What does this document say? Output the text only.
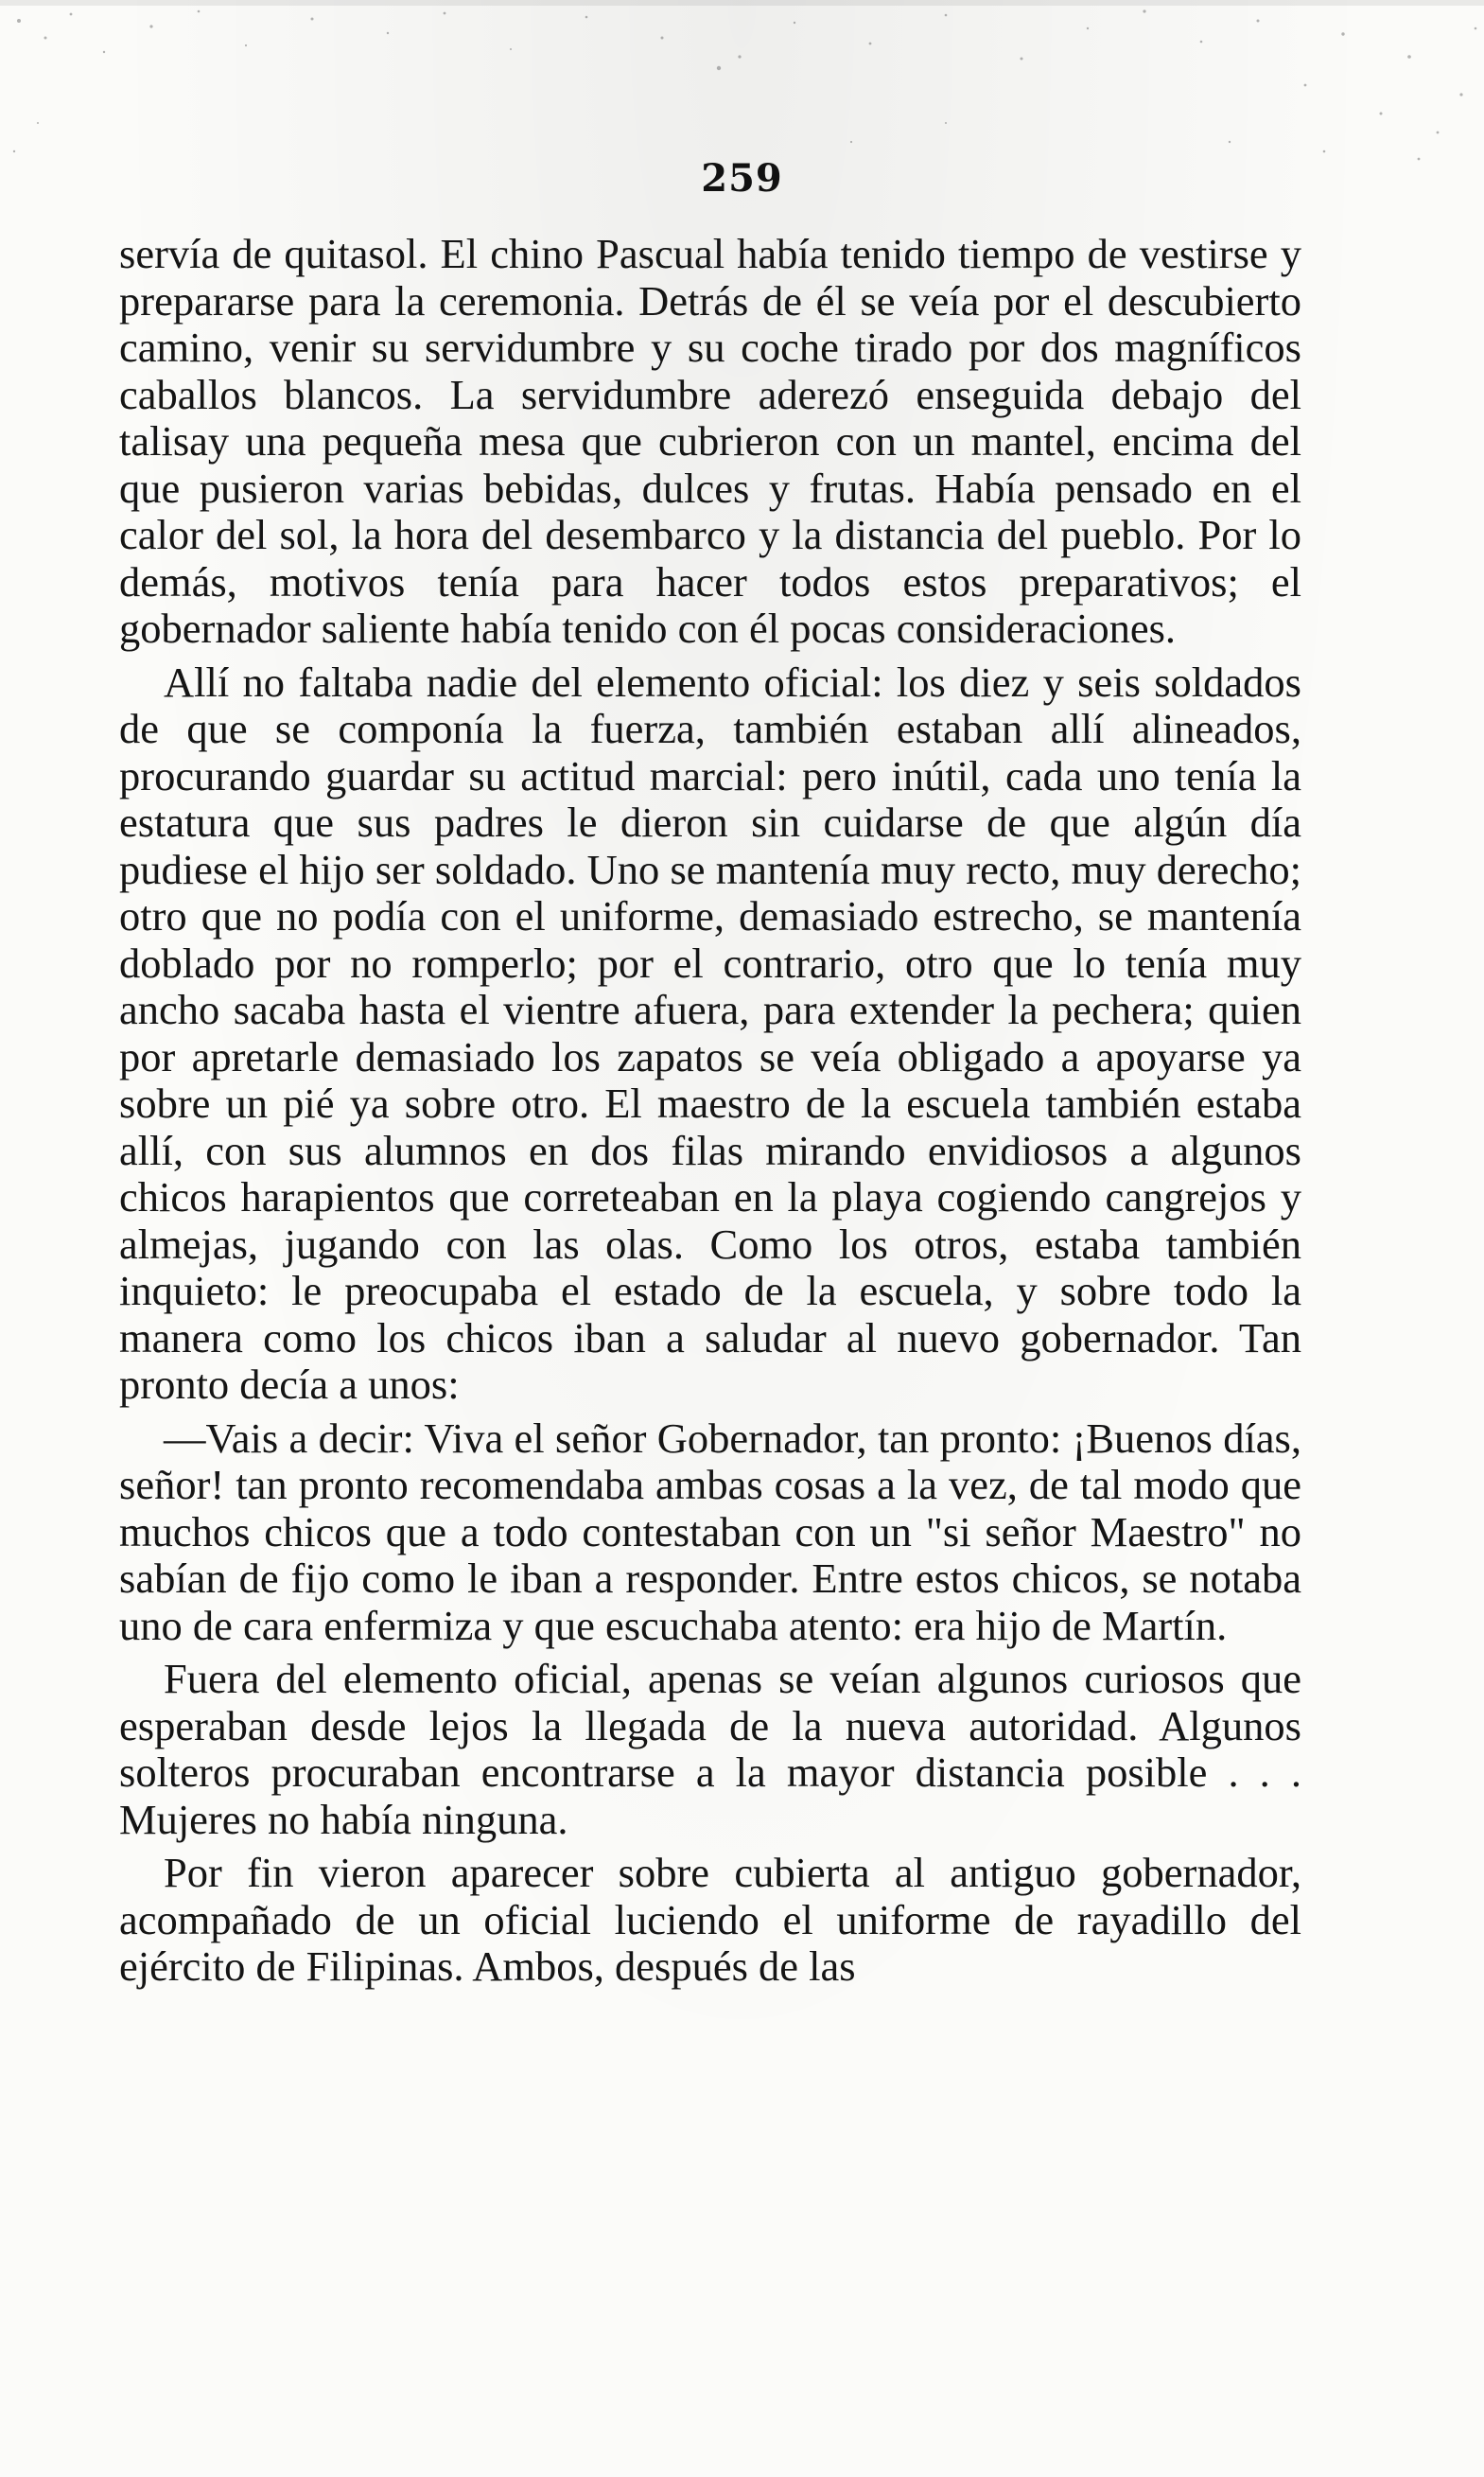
259

servía de quitasol. El chino Pascual había tenido tiempo de vestirse y prepararse para la ceremonia. Detrás de él se veía por el descubierto camino, venir su servidumbre y su coche tirado por dos magníficos caballos blancos. La servidumbre aderezó enseguida debajo del talisay una pequeña mesa que cubrieron con un mantel, encima del que pusieron varias bebidas, dulces y frutas. Había pensado en el calor del sol, la hora del desembarco y la distancia del pueblo. Por lo demás, motivos tenía para hacer todos estos preparativos; el gobernador saliente había tenido con él pocas consideraciones.

Allí no faltaba nadie del elemento oficial: los diez y seis soldados de que se componía la fuerza, también estaban allí alineados, procurando guardar su actitud marcial: pero inútil, cada uno tenía la estatura que sus padres le dieron sin cuidarse de que algún día pudiese el hijo ser soldado. Uno se mantenía muy recto, muy derecho; otro que no podía con el uniforme, demasiado estrecho, se mantenía doblado por no romperlo; por el contrario, otro que lo tenía muy ancho sacaba hasta el vientre afuera, para extender la pechera; quien por apretarle demasiado los zapatos se veía obligado a apoyarse ya sobre un pié ya sobre otro. El maestro de la escuela también estaba allí, con sus alumnos en dos filas mirando envidiosos a algunos chicos harapientos que correteaban en la playa cogiendo cangrejos y almejas, jugando con las olas. Como los otros, estaba también inquieto: le preocupaba el estado de la escuela, y sobre todo la manera como los chicos iban a saludar al nuevo gobernador. Tan pronto decía a unos:

—Vais a decir: Viva el señor Gobernador, tan pronto: ¡Buenos días, señor! tan pronto recomendaba ambas cosas a la vez, de tal modo que muchos chicos que a todo contestaban con un "si señor Maestro" no sabían de fijo como le iban a responder. Entre estos chicos, se notaba uno de cara enfermiza y que escuchaba atento: era hijo de Martín.

Fuera del elemento oficial, apenas se veían algunos curiosos que esperaban desde lejos la llegada de la nueva autoridad. Algunos solteros procuraban encontrarse a la mayor distancia posible . . . Mujeres no había ninguna.

Por fin vieron aparecer sobre cubierta al antiguo gobernador, acompañado de un oficial luciendo el uniforme de rayadillo del ejército de Filipinas. Ambos, después de las
